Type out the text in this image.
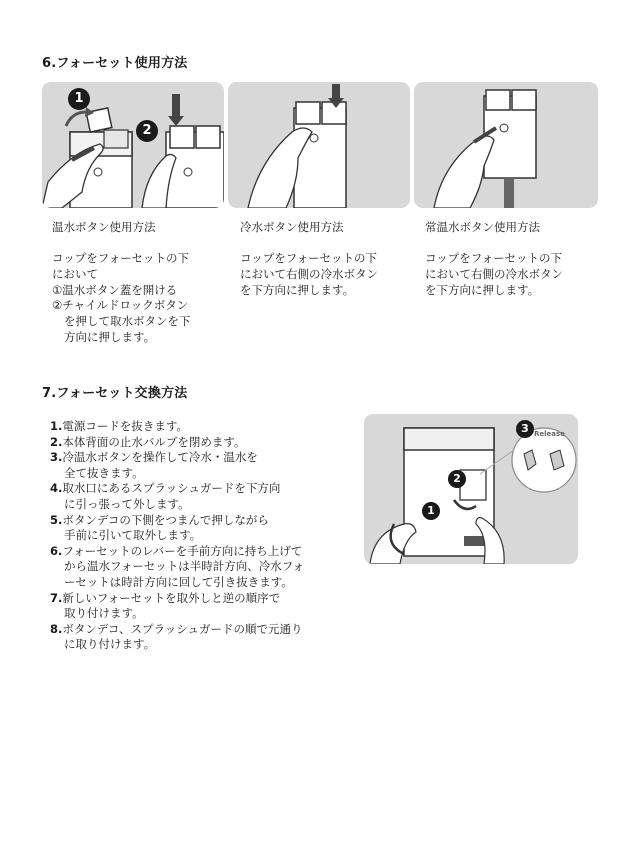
6.フォーセット使用方法
1
2
温水ボタン使用方法
コップをフォーセットの下
において
①温水ボタン蓋を開ける
②チャイルドロックボタン
を押して取水ボタンを下
方向に押します。
冷水ボタン使用方法
コップをフォーセットの下
において右側の冷水ボタン
を下方向に押します。
常温水ボタン使用方法
コップをフォーセットの下
において右側の冷水ボタン
を下方向に押します。
7.フォーセット交換方法
1.電源コードを抜きます。
2.本体背面の止水バルブを閉めます。
3.冷温水ボタンを操作して冷水・温水を
全て抜きます。
4.取水口にあるスプラッシュガードを下方向
に引っ張って外します。
5.ボタンデコの下側をつまんで押しながら
手前に引いて取外します。
6.フォーセットのレバーを手前方向に持ち上げて
から温水フォーセットは半時計方向、冷水フォ
ーセットは時計方向に回して引き抜きます。
7.新しいフォーセットを取外しと逆の順序で
取り付けます。
8.ボタンデコ、スプラッシュガードの順で元通り
に取り付けます。
Release
1
2
3
